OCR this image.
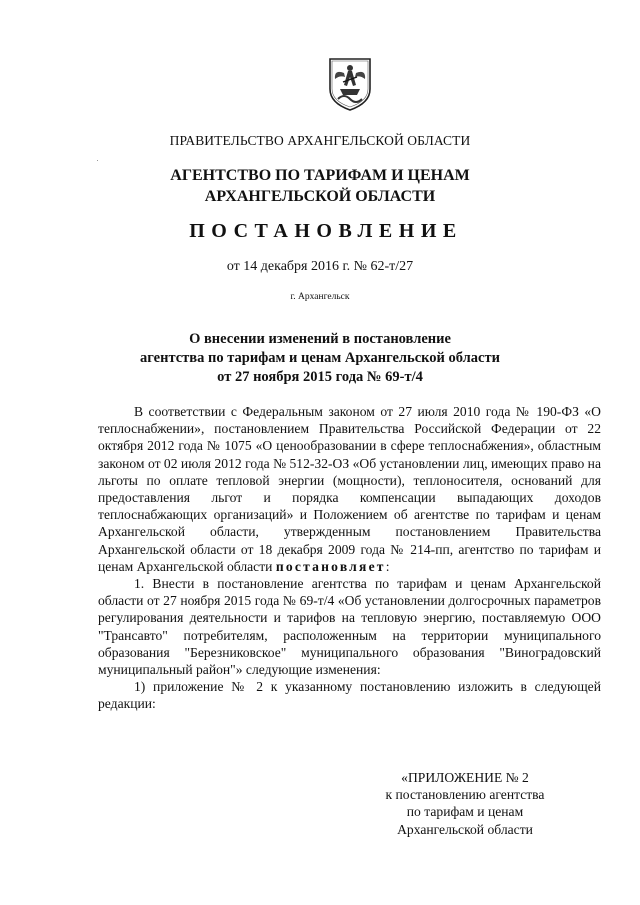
ПРАВИТЕЛЬСТВО АРХАНГЕЛЬСКОЙ ОБЛАСТИ
АГЕНТСТВО ПО ТАРИФАМ И ЦЕНАМ
АРХАНГЕЛЬСКОЙ ОБЛАСТИ
ПОСТАНОВЛЕНИЕ
от 14 декабря 2016 г. № 62-т/27
г. Архангельск
О внесении изменений в постановление
агентства по тарифам и ценам Архангельской области
от 27 ноября 2015 года № 69-т/4

В соответствии с Федеральным законом от 27 июля 2010 года № 190-ФЗ «О теплоснабжении», постановлением Правительства Российской Федерации от 22 октября 2012 года № 1075 «О ценообразовании в сфере теплоснабжения», областным законом от 02 июля 2012 года № 512-32-ОЗ «Об установлении лиц, имеющих право на льготы по оплате тепловой энергии (мощности), теплоносителя, оснований для предоставления льгот и порядка компенсации выпадающих доходов теплоснабжающих организаций» и Положением об агентстве по тарифам и ценам Архангельской области, утвержденным постановлением Правительства Архангельской области от 18 декабря 2009 года № 214-пп, агентство по тарифам и ценам Архангельской области постановляет:

1. Внести в постановление агентства по тарифам и ценам Архангельской области от 27 ноября 2015 года № 69-т/4 «Об установлении долгосрочных параметров регулирования деятельности и тарифов на тепловую энергию, поставляемую ООО "Трансавто" потребителям, расположенным на территории муниципального образования "Березниковское" муниципального образования "Виноградовский муниципальный район"» следующие изменения:

1) приложение № 2 к указанному постановлению изложить в следующей редакции:

«ПРИЛОЖЕНИЕ № 2
к постановлению агентства
по тарифам и ценам
Архангельской области
